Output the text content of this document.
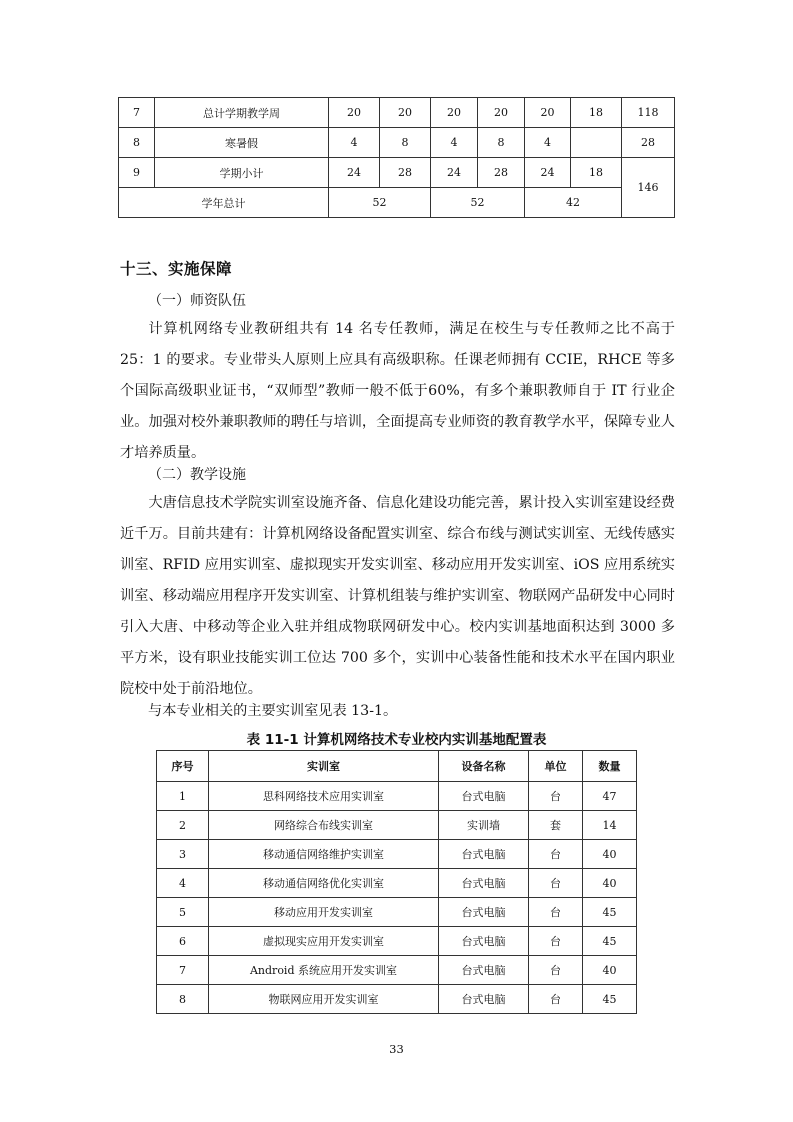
7	总计学期教学周	20	20	20	20	20	18	118
8	寒暑假	4	8	4	8	4		28
9	学期小计	24	28	24	28	24	18	146
学年总计		52		52		42		
十三、实施保障
（一）师资队伍

计算机网络专业教研组共有 14 名专任教师，满足在校生与专任教师之比不高于 25：1 的要求。专业带头人原则上应具有高级职称。任课老师拥有 CCIE，RHCE 等多个国际高级职业证书，“双师型”教师一般不低于60%，有多个兼职教师自于 IT 行业企业。加强对校外兼职教师的聘任与培训，全面提高专业师资的教育教学水平，保障专业人才培养质量。

（二）教学设施

大唐信息技术学院实训室设施齐备、信息化建设功能完善，累计投入实训室建设经费近千万。目前共建有：计算机网络设备配置实训室、综合布线与测试实训室、无线传感实训室、RFID 应用实训室、虚拟现实开发实训室、移动应用开发实训室、iOS 应用系统实训室、移动端应用程序开发实训室、计算机组装与维护实训室、物联网产品研发中心同时引入大唐、中移动等企业入驻并组成物联网研发中心。校内实训基地面积达到 3000 多平方米，设有职业技能实训工位达 700 多个，实训中心装备性能和技术水平在国内职业院校中处于前沿地位。

与本专业相关的主要实训室见表 13-1。
表 11-1 计算机网络技术专业校内实训基地配置表
序号	实训室	设备名称	单位	数量
1	思科网络技术应用实训室	台式电脑	台	47
2	网络综合布线实训室	实训墙	套	14
3	移动通信网络维护实训室	台式电脑	台	40
4	移动通信网络优化实训室	台式电脑	台	40
5	移动应用开发实训室	台式电脑	台	45
6	虚拟现实应用开发实训室	台式电脑	台	45
7	Android 系统应用开发实训室	台式电脑	台	40
8	物联网应用开发实训室	台式电脑	台	45
33
